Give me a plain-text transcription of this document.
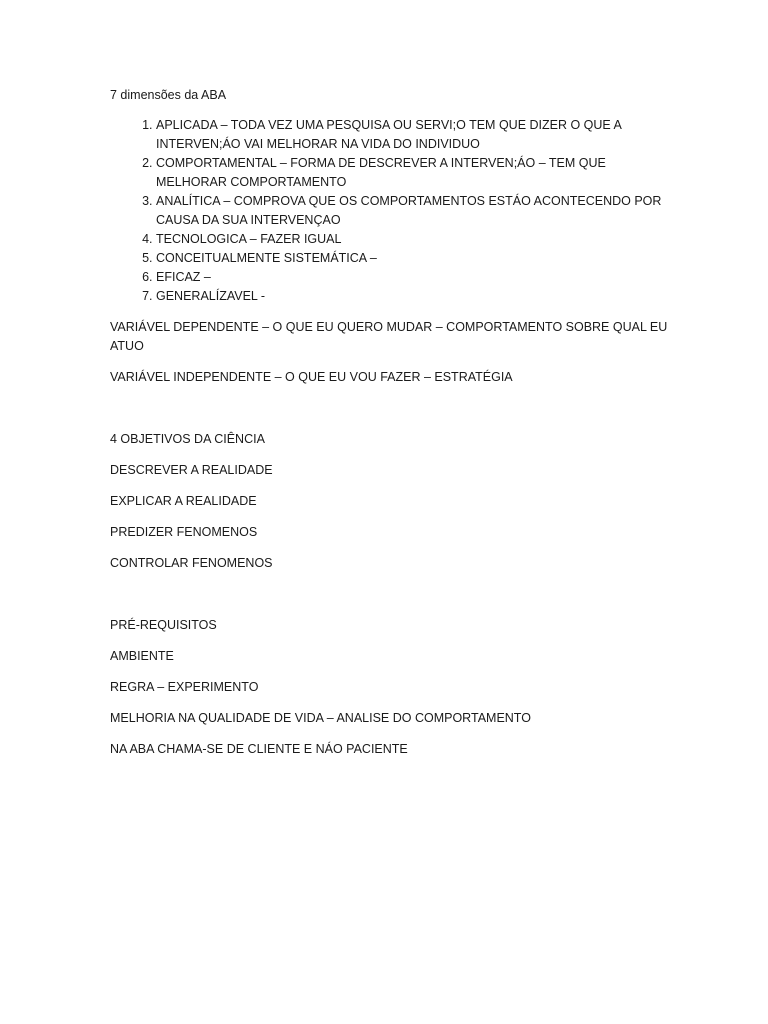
7 dimensões da ABA

1. APLICADA – TODA VEZ UMA PESQUISA OU SERVI;O TEM QUE DIZER O QUE A INTERVEN;ÁO VAI MELHORAR NA VIDA DO INDIVIDUO
2. COMPORTAMENTAL – FORMA DE DESCREVER A INTERVEN;ÁO – TEM QUE MELHORAR COMPORTAMENTO
3. ANALÍTICA – COMPROVA QUE OS COMPORTAMENTOS ESTÁO ACONTECENDO POR CAUSA DA SUA INTERVENÇAO
4. TECNOLOGICA – FAZER IGUAL
5. CONCEITUALMENTE SISTEMÁTICA –
6. EFICAZ –
7. GENERALÍZAVEL -

VARIÁVEL DEPENDENTE – O QUE EU QUERO MUDAR – COMPORTAMENTO SOBRE QUAL EU ATUO

VARIÁVEL INDEPENDENTE – O QUE EU VOU FAZER – ESTRATÉGIA

4 OBJETIVOS DA CIÊNCIA

DESCREVER A REALIDADE

EXPLICAR A REALIDADE

PREDIZER FENOMENOS

CONTROLAR FENOMENOS

PRÉ-REQUISITOS

AMBIENTE

REGRA – EXPERIMENTO

MELHORIA NA QUALIDADE DE VIDA – ANALISE DO COMPORTAMENTO

NA ABA CHAMA-SE DE CLIENTE E NÁO PACIENTE
